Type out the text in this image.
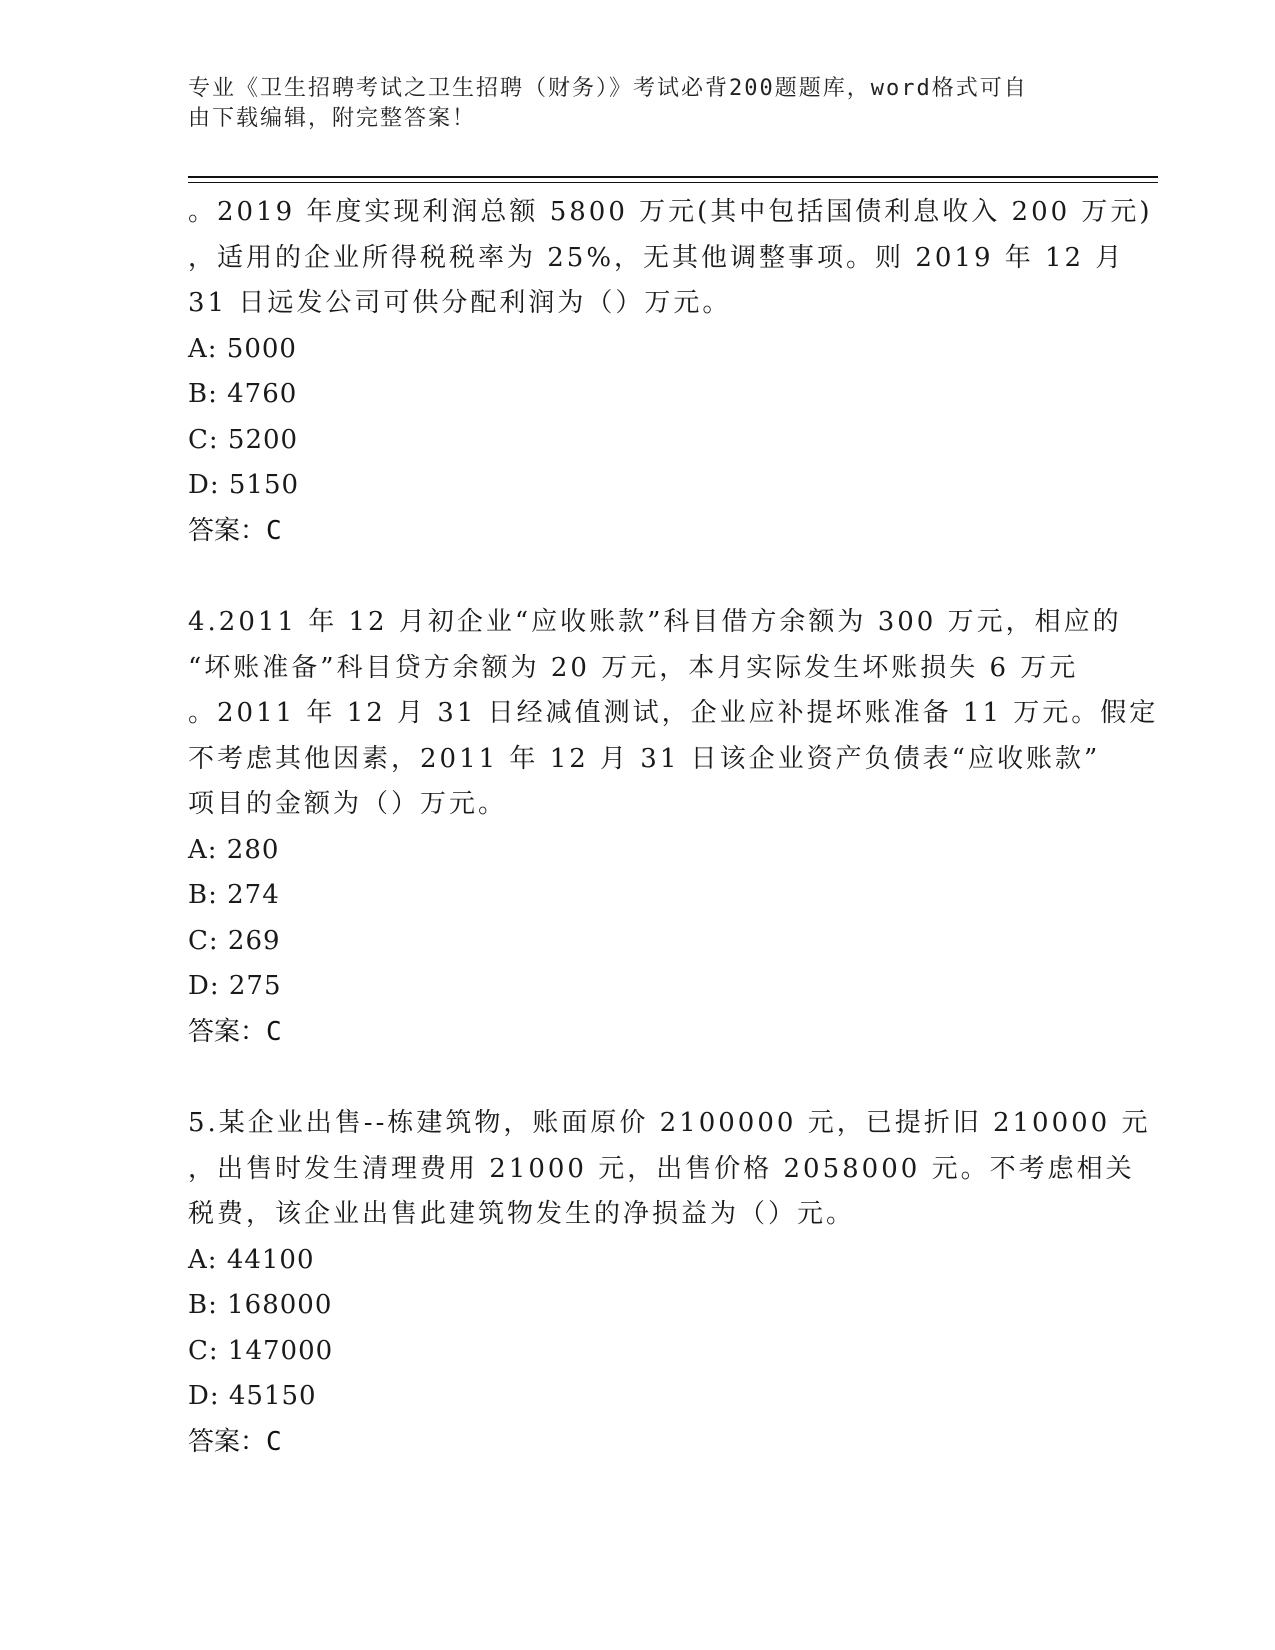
专业《卫生招聘考试之卫生招聘（财务）》考试必背200题题库，word格式可自
由下载编辑，附完整答案！

。2019 年度实现利润总额 5800 万元(其中包括国债利息收入 200 万元)

，适用的企业所得税税率为 25%，无其他调整事项。则 2019 年 12 月

31 日远发公司可供分配利润为（）万元。

A: 5000

B: 4760

C: 5200

D: 5150

答案：C

4.2011 年 12 月初企业“应收账款”科目借方余额为 300 万元，相应的

“坏账准备”科目贷方余额为 20 万元，本月实际发生坏账损失 6 万元

。2011 年 12 月 31 日经减值测试，企业应补提坏账准备 11 万元。假定

不考虑其他因素，2011 年 12 月 31 日该企业资产负债表“应收账款”

项目的金额为（）万元。

A: 280

B: 274

C: 269

D: 275

答案：C

5.某企业出售--栋建筑物，账面原价 2100000 元，已提折旧 210000 元

，出售时发生清理费用 21000 元，出售价格 2058000 元。不考虑相关

税费，该企业出售此建筑物发生的净损益为（）元。

A: 44100

B: 168000

C: 147000

D: 45150

答案：C
